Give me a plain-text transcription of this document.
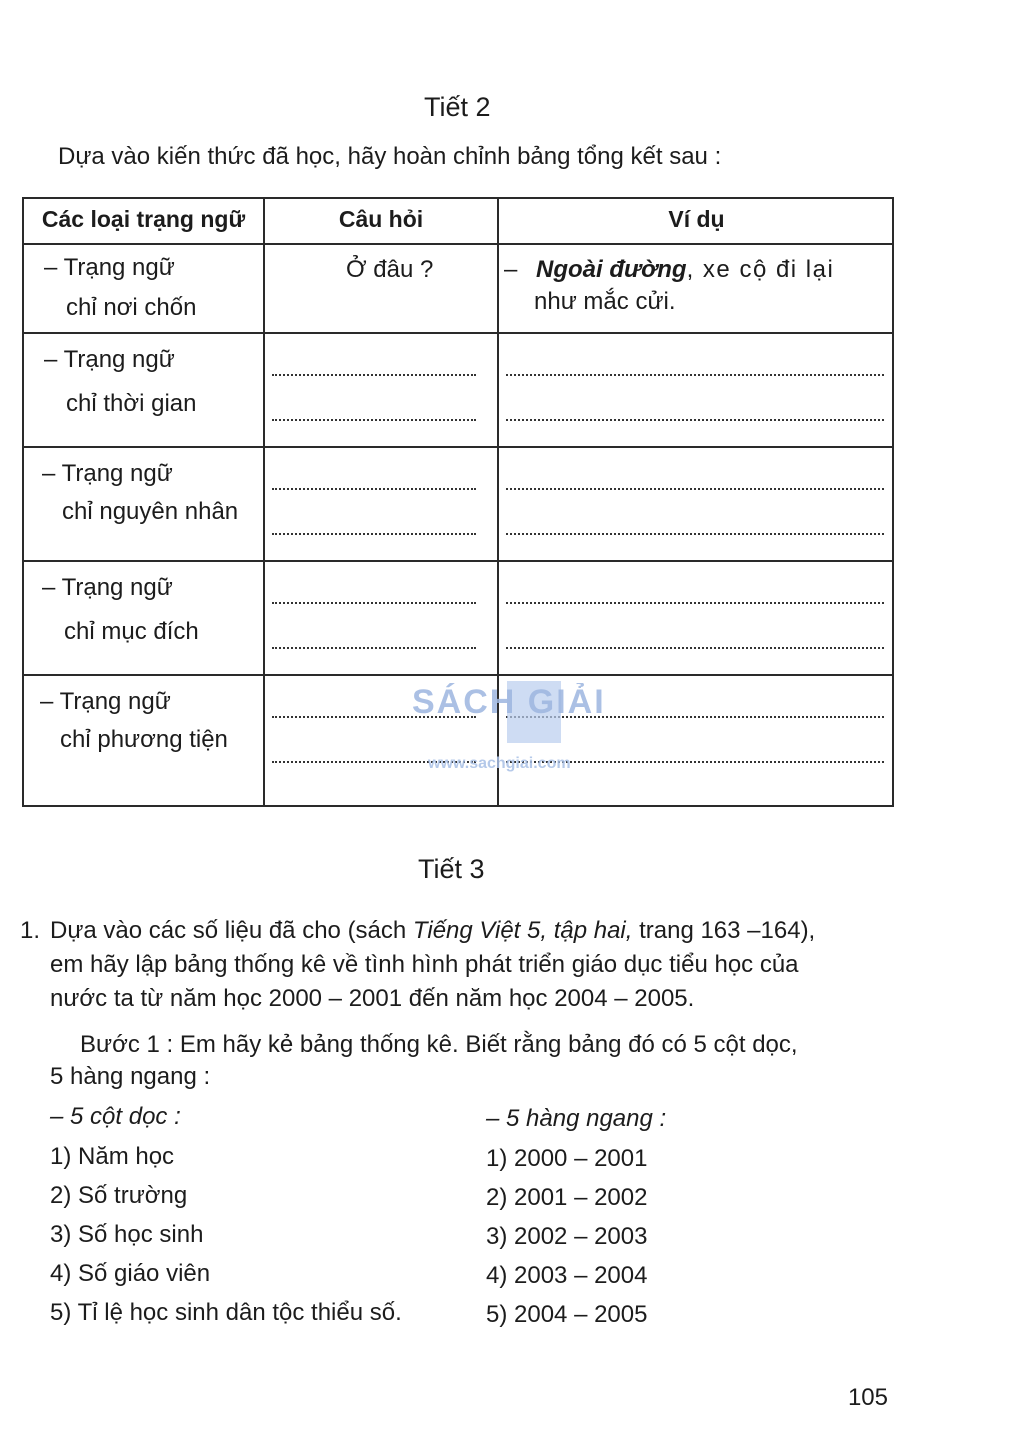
Tiết 2
Dựa vào kiến thức đã học, hãy hoàn chỉnh bảng tổng kết sau :
Các loại trạng ngữ	Câu hỏi	Ví dụ
– Trạng ngữ
chỉ nơi chốn
Ở đâu ?	– Ngoài đường, xe cộ đi lại
như mắc cửi.
– Trạng ngữ
chỉ thời gian
– Trạng ngữ
chỉ nguyên nhân
– Trạng ngữ
chỉ mục đích
– Trạng ngữ
chỉ phương tiện
SÁCH GIẢI
www.sachgiai.com
Tiết 3
1. Dựa vào các số liệu đã cho (sách Tiếng Việt 5, tập hai, trang 163 –164),
em hãy lập bảng thống kê về tình hình phát triển giáo dục tiểu học của
nước ta từ năm học 2000 – 2001 đến năm học 2004 – 2005.
Bước 1 : Em hãy kẻ bảng thống kê. Biết rằng bảng đó có 5 cột dọc,
5 hàng ngang :
– 5 cột dọc :	– 5 hàng ngang :
1) Năm học
2) Số trường
3) Số học sinh
4) Số giáo viên
5) Tỉ lệ học sinh dân tộc thiểu số.
1) 2000 – 2001
2) 2001 – 2002
3) 2002 – 2003
4) 2003 – 2004
5) 2004 – 2005
105
